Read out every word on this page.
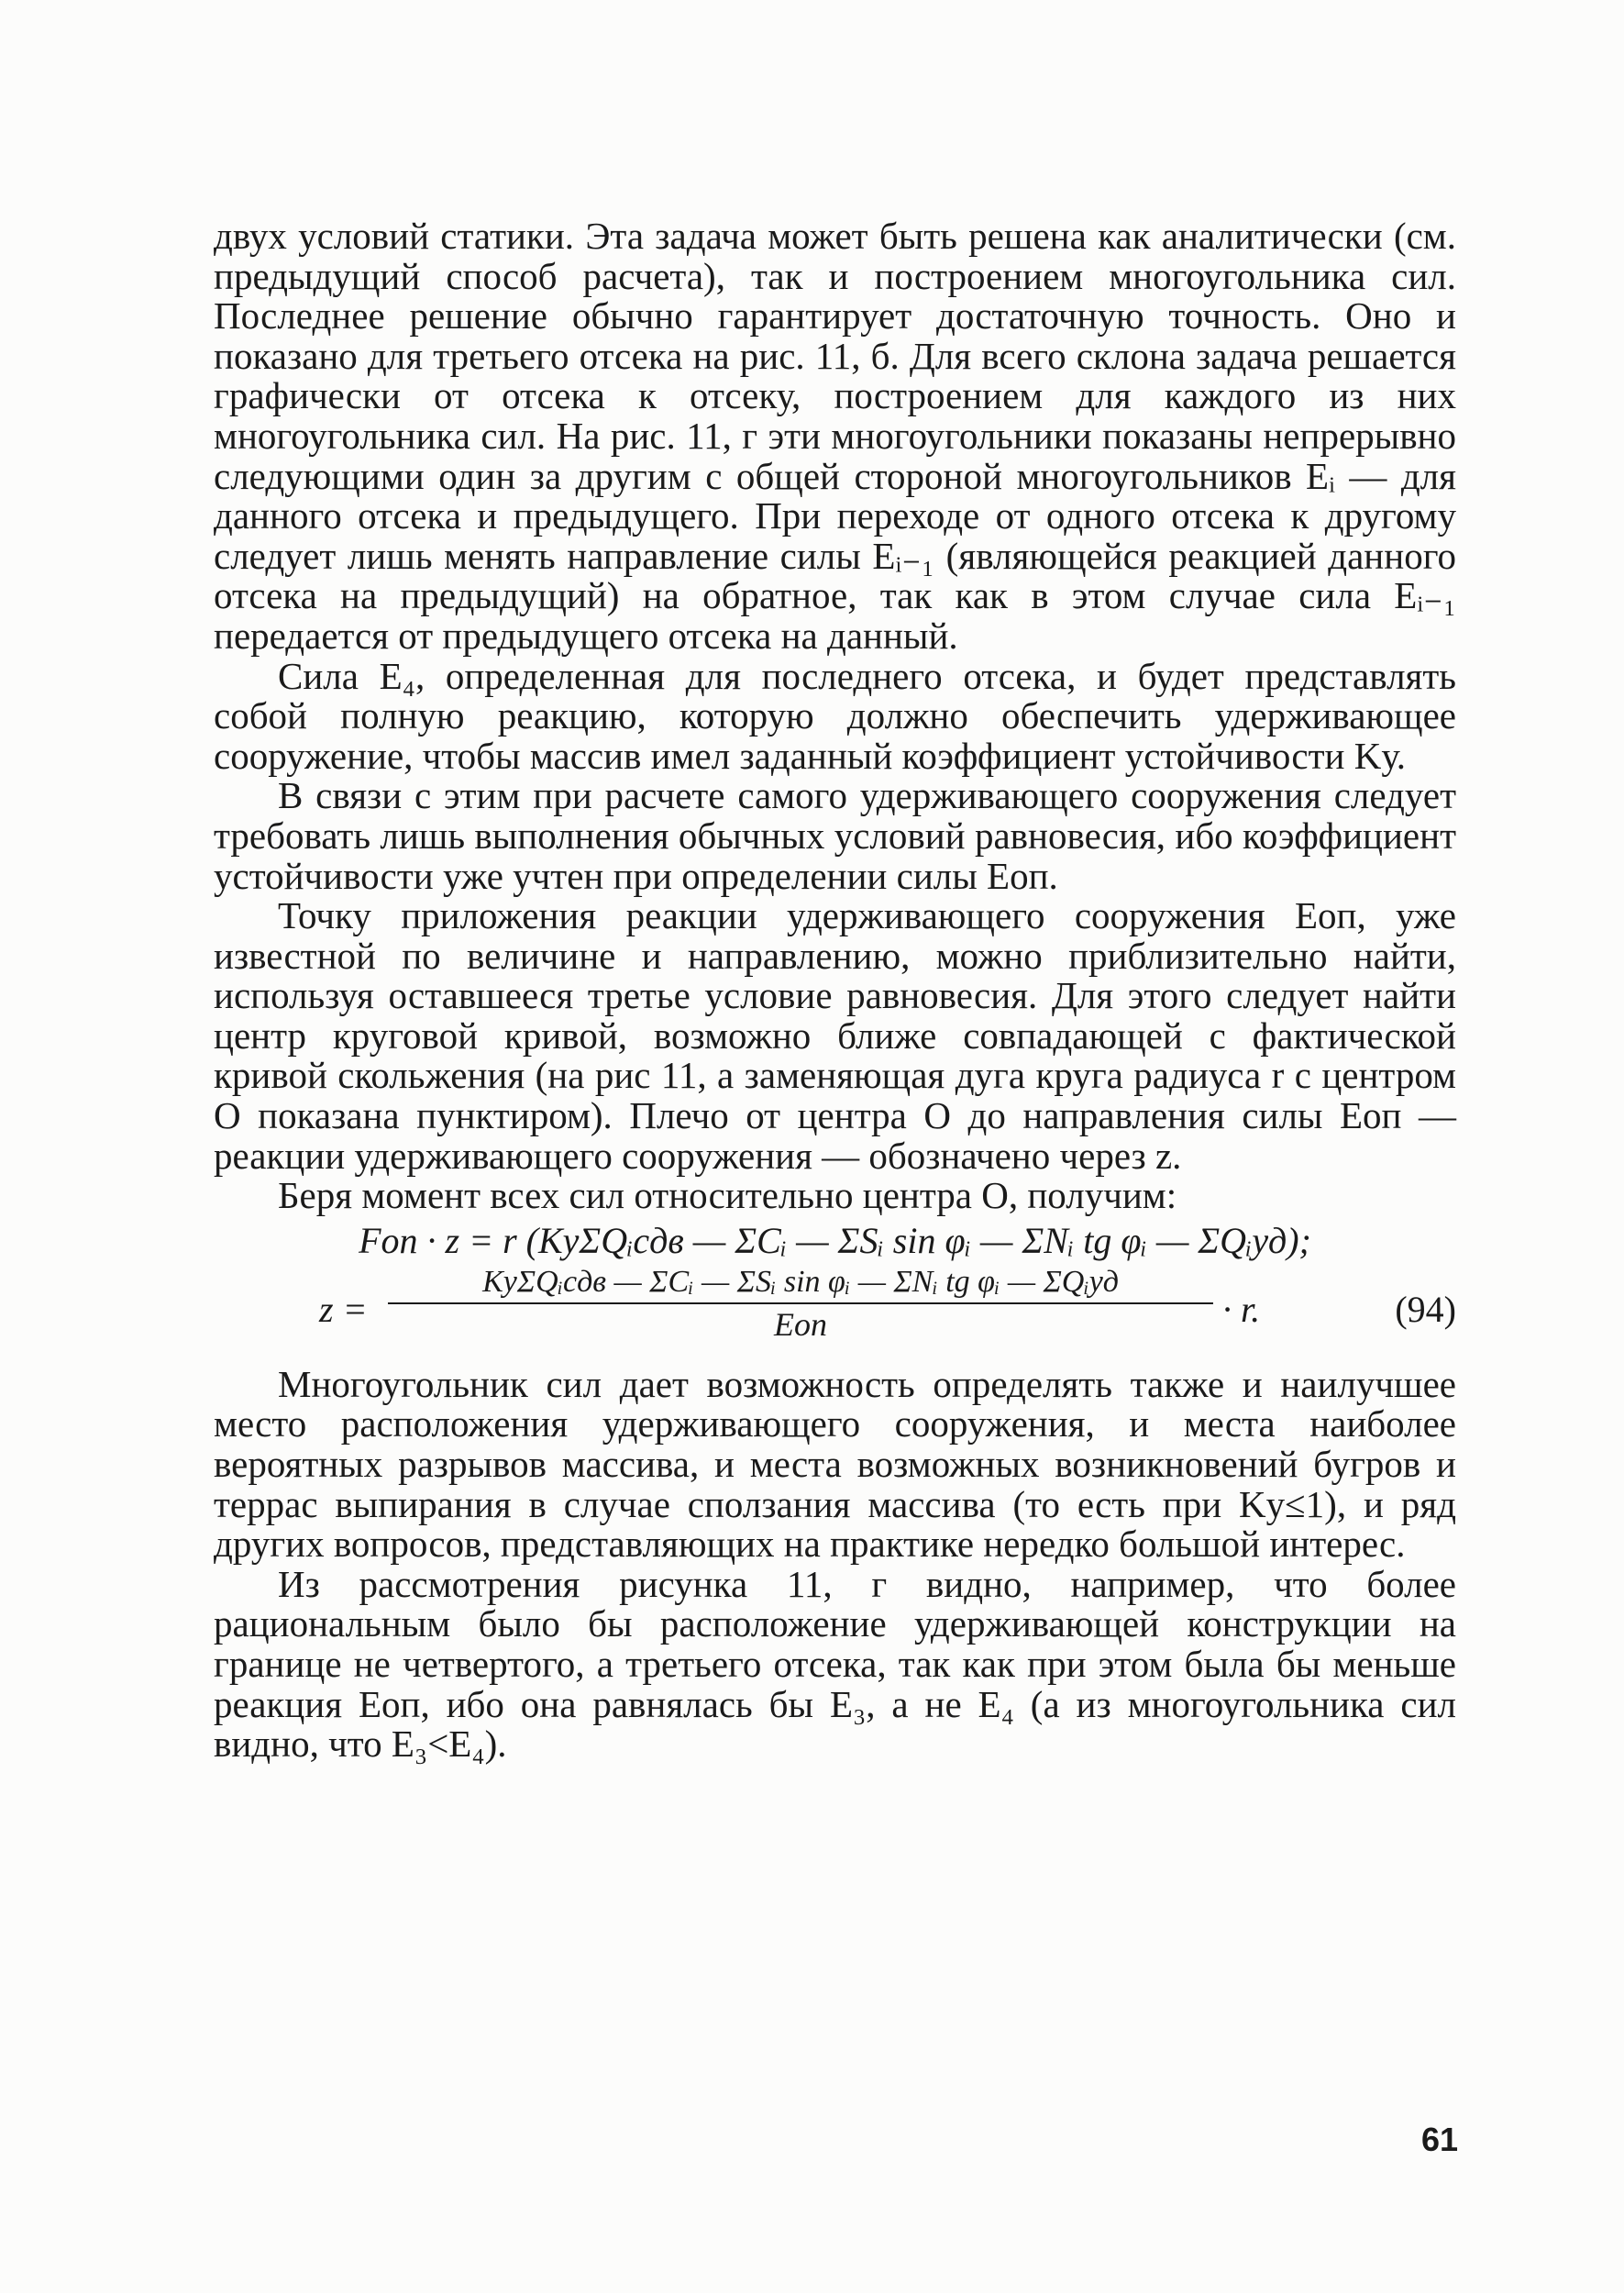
двух условий статики. Эта задача может быть решена как аналитически (см. предыдущий способ расчета), так и построением многоугольника сил. Последнее решение обычно гарантирует достаточную точность. Оно и показано для третьего отсека на рис. 11, б. Для всего склона задача решается графически от отсека к отсеку, построением для каждого из них многоугольника сил. На рис. 11, г эти многоугольники показаны непрерывно следующими один за другим с общей стороной многоугольников Eᵢ — для данного отсека и предыдущего. При переходе от одного отсека к другому следует лишь менять направление силы Eᵢ₋₁ (являющейся реакцией данного отсека на предыдущий) на обратное, так как в этом случае сила Eᵢ₋₁ передается от предыдущего отсека на данный.

Сила E₄, определенная для последнего отсека, и будет представлять собой полную реакцию, которую должно обеспечить удерживающее сооружение, чтобы массив имел заданный коэффициент устойчивости Kу.

В связи с этим при расчете самого удерживающего сооружения следует требовать лишь выполнения обычных условий равновесия, ибо коэффициент устойчивости уже учтен при определении силы Eоп.

Точку приложения реакции удерживающего сооружения Eоп, уже известной по величине и направлению, можно приблизительно найти, используя оставшееся третье условие равновесия. Для этого следует найти центр круговой кривой, возможно ближе совпадающей с фактической кривой скольжения (на рис 11, а заменяющая дуга круга радиуса r с центром O показана пунктиром). Плечо от центра O до направления силы Eоп — реакции удерживающего сооружения — обозначено через z.

Беря момент всех сил относительно центра O, получим:

Fоп · z = r (KуΣQᵢсдв — ΣCᵢ — ΣSᵢ sin φᵢ — ΣNᵢ tg φᵢ — ΣQᵢуд);
z =
KуΣQᵢсдв — ΣCᵢ — ΣSᵢ sin φᵢ — ΣNᵢ tg φᵢ — ΣQᵢуд
Eоп	· r.	(94)

Многоугольник сил дает возможность определять также и наилучшее место расположения удерживающего сооружения, и места наиболее вероятных разрывов массива, и места возможных возникновений бугров и террас выпирания в случае сползания массива (то есть при Kу≤1), и ряд других вопросов, представляющих на практике нередко большой интерес.

Из рассмотрения рисунка 11, г видно, например, что более рациональным было бы расположение удерживающей конструкции на границе не четвертого, а третьего отсека, так как при этом была бы меньше реакция Eоп, ибо она равнялась бы E₃, а не E₄ (а из многоугольника сил видно, что E₃<E₄).

61
